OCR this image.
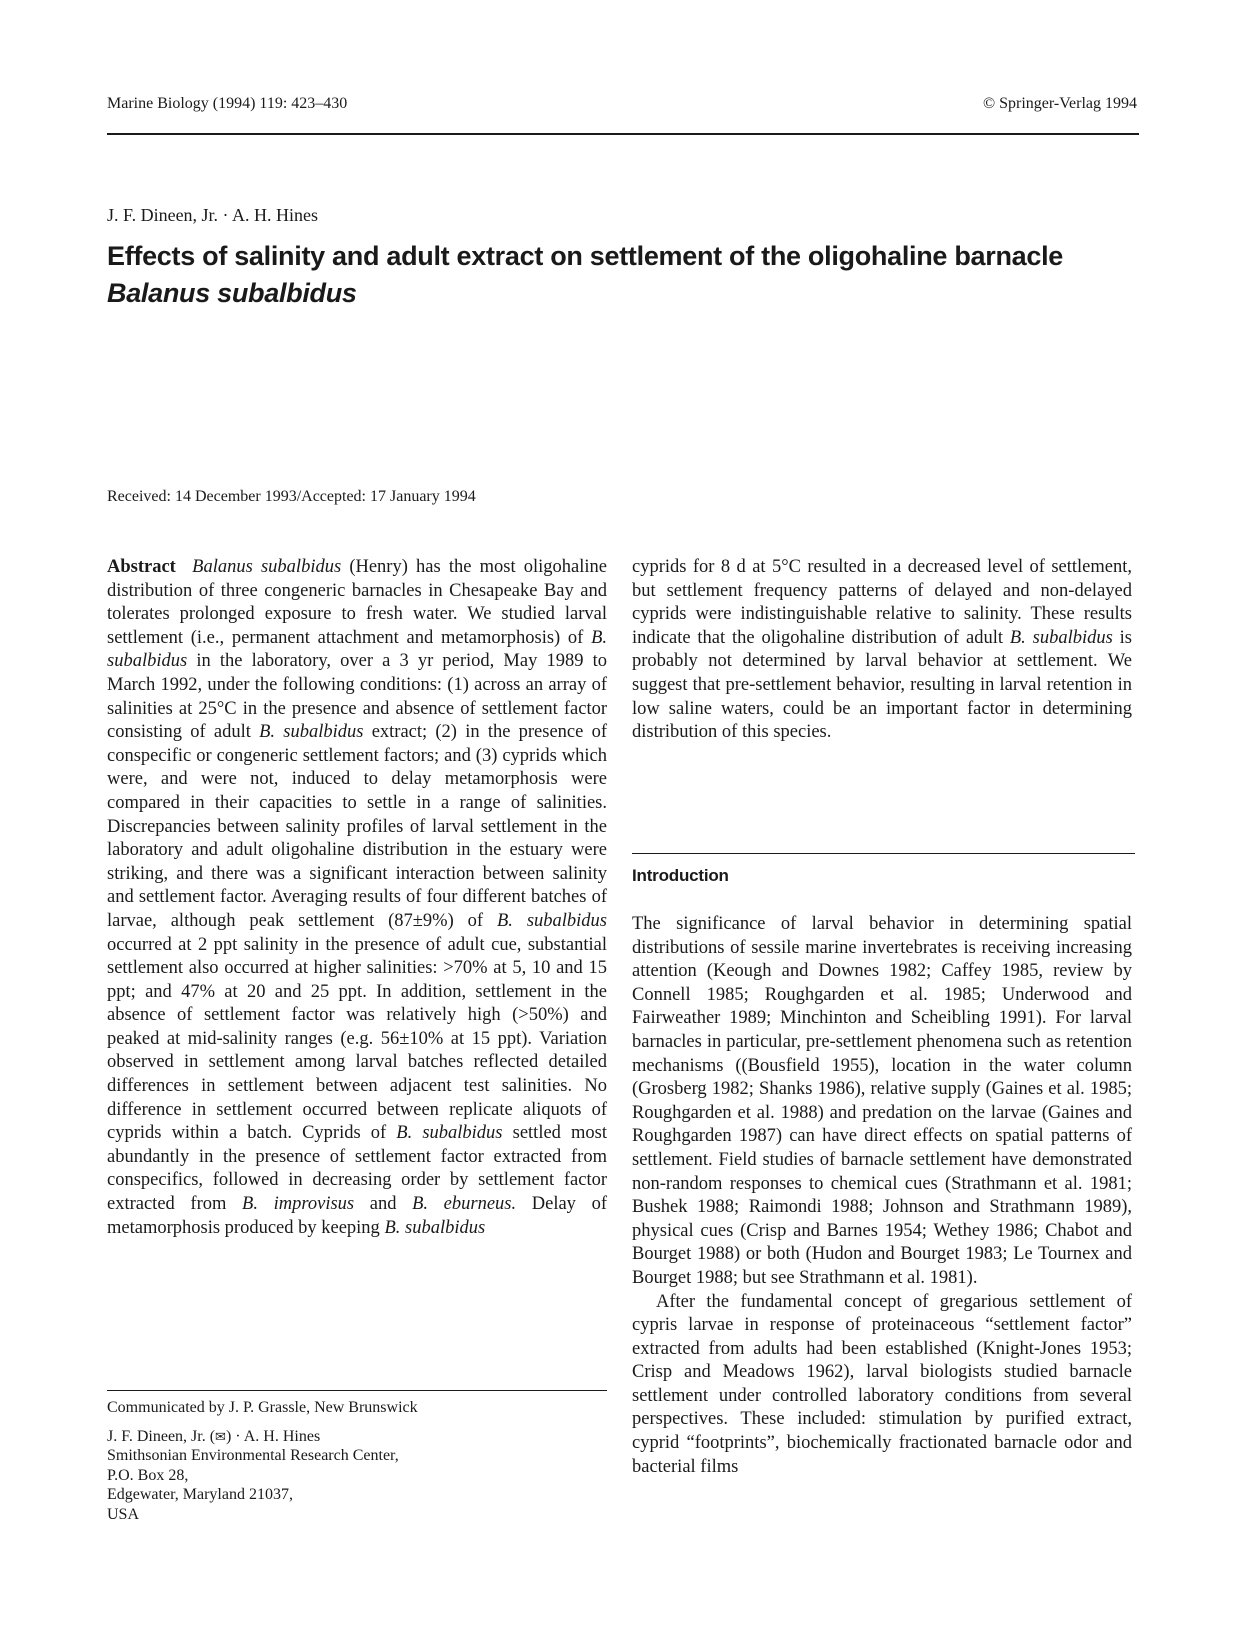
Marine Biology (1994) 119: 423–430	© Springer-Verlag 1994
J. F. Dineen, Jr. · A. H. Hines
Effects of salinity and adult extract on settlement of the oligohaline barnacle Balanus subalbidus
Received: 14 December 1993/Accepted: 17 January 1994

Abstract Balanus subalbidus (Henry) has the most oligohaline distribution of three congeneric barnacles in Chesapeake Bay and tolerates prolonged exposure to fresh water. We studied larval settlement (i.e., permanent attachment and metamorphosis) of B. subalbidus in the laboratory, over a 3 yr period, May 1989 to March 1992, under the following conditions: (1) across an array of salinities at 25°C in the presence and absence of settlement factor consisting of adult B. subalbidus extract; (2) in the presence of conspecific or congeneric settlement factors; and (3) cyprids which were, and were not, induced to delay metamorphosis were compared in their capacities to settle in a range of salinities. Discrepancies between salinity profiles of larval settlement in the laboratory and adult oligohaline distribution in the estuary were striking, and there was a significant interaction between salinity and settlement factor. Averaging results of four different batches of larvae, although peak settlement (87±9%) of B. subalbidus occurred at 2 ppt salinity in the presence of adult cue, substantial settlement also occurred at higher salinities: >70% at 5, 10 and 15 ppt; and 47% at 20 and 25 ppt. In addition, settlement in the absence of settlement factor was relatively high (>50%) and peaked at mid-salinity ranges (e.g. 56±10% at 15 ppt). Variation observed in settlement among larval batches reflected detailed differences in settlement between adjacent test salinities. No difference in settlement occurred between replicate aliquots of cyprids within a batch. Cyprids of B. subalbidus settled most abundantly in the presence of settlement factor extracted from conspecifics, followed in decreasing order by settlement factor extracted from B. improvisus and B. eburneus. Delay of metamorphosis produced by keeping B. subalbidus

cyprids for 8 d at 5°C resulted in a decreased level of settlement, but settlement frequency patterns of delayed and non-delayed cyprids were indistinguishable relative to salinity. These results indicate that the oligohaline distribution of adult B. subalbidus is probably not determined by larval behavior at settlement. We suggest that pre-settlement behavior, resulting in larval retention in low saline waters, could be an important factor in determining distribution of this species.

Introduction

The significance of larval behavior in determining spatial distributions of sessile marine invertebrates is receiving increasing attention (Keough and Downes 1982; Caffey 1985, review by Connell 1985; Roughgarden et al. 1985; Underwood and Fairweather 1989; Minchinton and Scheibling 1991). For larval barnacles in particular, pre-settlement phenomena such as retention mechanisms ((Bousfield 1955), location in the water column (Grosberg 1982; Shanks 1986), relative supply (Gaines et al. 1985; Roughgarden et al. 1988) and predation on the larvae (Gaines and Roughgarden 1987) can have direct effects on spatial patterns of settlement. Field studies of barnacle settlement have demonstrated non-random responses to chemical cues (Strathmann et al. 1981; Bushek 1988; Raimondi 1988; Johnson and Strathmann 1989), physical cues (Crisp and Barnes 1954; Wethey 1986; Chabot and Bourget 1988) or both (Hudon and Bourget 1983; Le Tournex and Bourget 1988; but see Strathmann et al. 1981).

After the fundamental concept of gregarious settlement of cypris larvae in response of proteinaceous “settlement factor” extracted from adults had been established (Knight-Jones 1953; Crisp and Meadows 1962), larval biologists studied barnacle settlement under controlled laboratory conditions from several perspectives. These included: stimulation by purified extract, cyprid “footprints”, biochemically fractionated barnacle odor and bacterial films

Communicated by J. P. Grassle, New Brunswick
J. F. Dineen, Jr. (✉) · A. H. Hines
Smithsonian Environmental Research Center,
P.O. Box 28,
Edgewater, Maryland 21037,
USA
